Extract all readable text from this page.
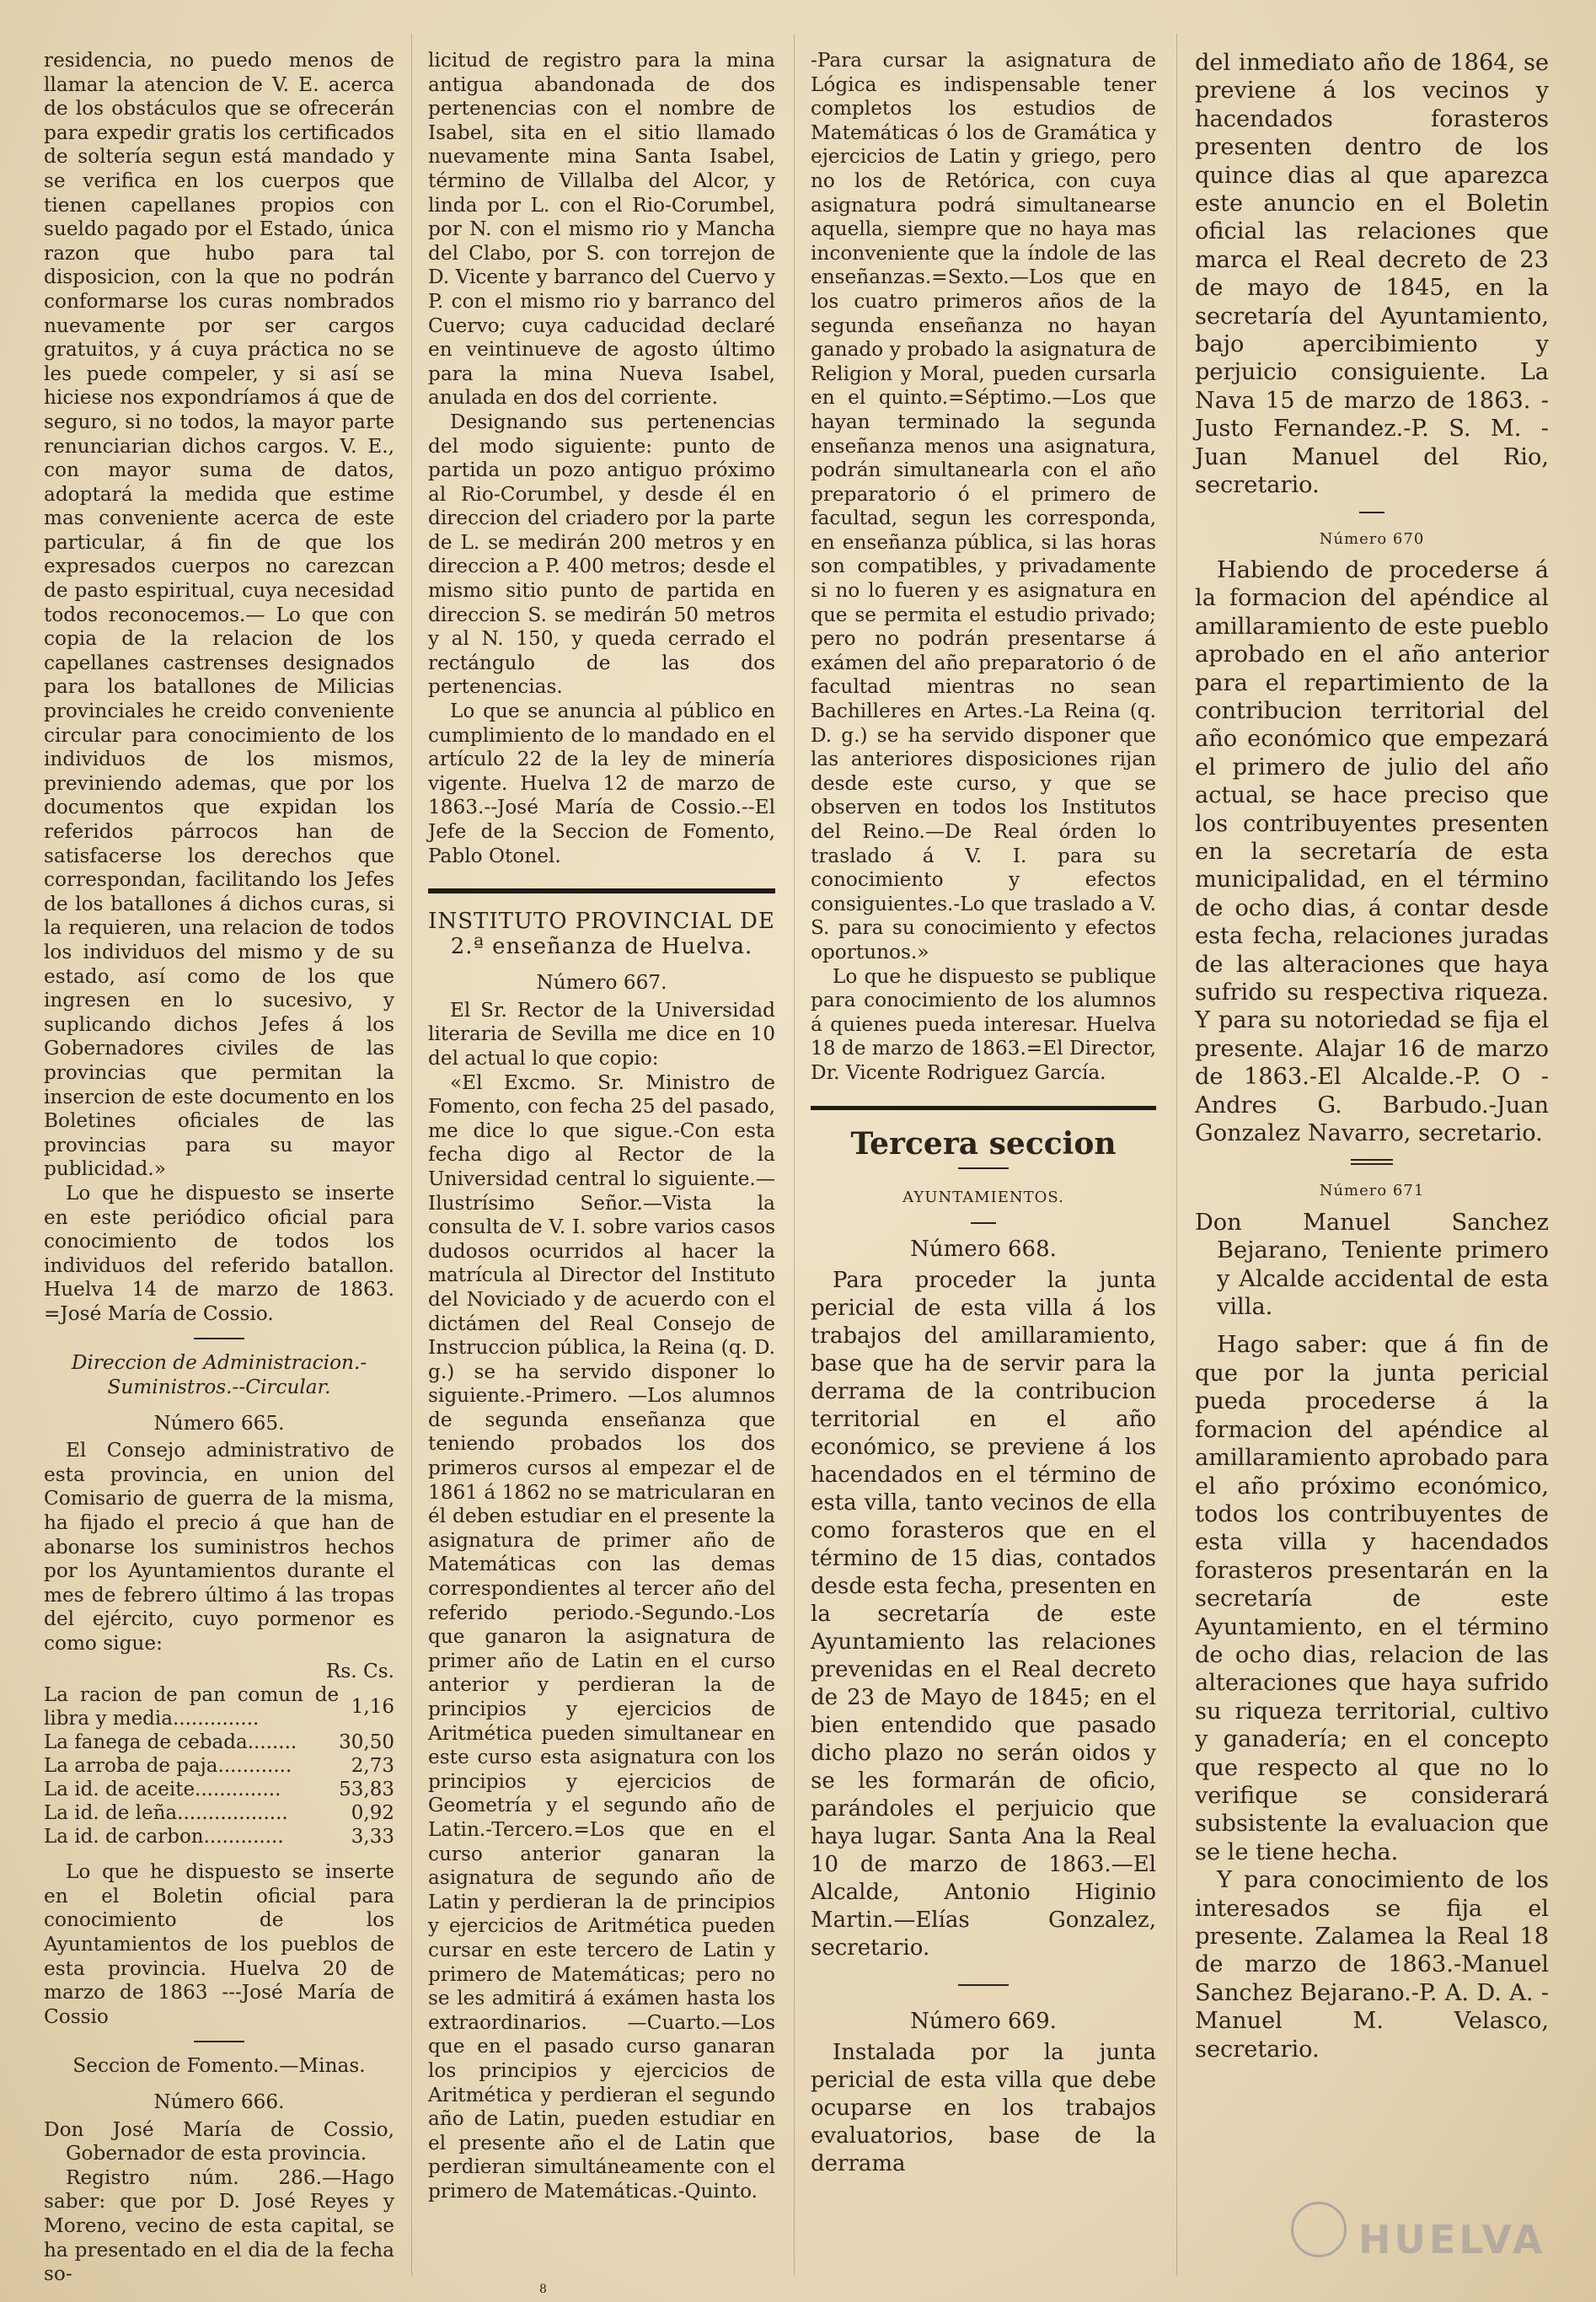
residencia, no puedo menos de llamar la atencion de V. E. acerca de los obstáculos que se ofrecerán para expedir gratis los certificados de soltería segun está mandado y se verifica en los cuerpos que tienen capellanes propios con sueldo pagado por el Estado, única razon que hubo para tal disposicion, con la que no podrán conformarse los curas nombrados nuevamente por ser cargos gratuitos, y á cuya práctica no se les puede compeler, y si así se hiciese nos expondríamos á que de seguro, si no todos, la mayor parte renunciarian dichos cargos. V. E., con mayor suma de datos, adoptará la medida que estime mas conveniente acerca de este particular, á fin de que los expresados cuerpos no carezcan de pasto espiritual, cuya necesidad todos reconocemos.— Lo que con copia de la relacion de los capellanes castrenses designados para los batallones de Milicias provinciales he creido conveniente circular para conocimiento de los individuos de los mismos, previniendo ademas, que por los documentos que expidan los referidos párrocos han de satisfacerse los derechos que correspondan, facilitando los Jefes de los batallones á dichos curas, si la requieren, una relacion de todos los individuos del mismo y de su estado, así como de los que ingresen en lo sucesivo, y suplicando dichos Jefes á los Gobernadores civiles de las provincias que permitan la insercion de este documento en los Boletines oficiales de las provincias para su mayor publicidad.»

Lo que he dispuesto se inserte en este periódico oficial para conocimiento de todos los individuos del referido batallon. Huelva 14 de marzo de 1863. =José María de Cossio.

Direccion de Administracion.-Suministros.--Circular.

Número 665.

El Consejo administrativo de esta provincia, en union del Comisario de guerra de la misma, ha fijado el precio á que han de abonarse los suministros hechos por los Ayuntamientos durante el mes de febrero último á las tropas del ejército, cuyo pormenor es como sigue:

Rs. Cs.

La racion de pan comun de libra y media..............	1,16
La fanega de cebada........	30,50
La arroba de paja............	2,73
La id. de aceite..............	53,83
La id. de leña..................	0,92
La id. de carbon.............	3,33

Lo que he dispuesto se inserte en el Boletin oficial para conocimiento de los Ayuntamientos de los pueblos de esta provincia. Huelva 20 de marzo de 1863 ---José María de Cossio

Seccion de Fomento.—Minas.

Número 666.

Don José María de Cossio, Gobernador de esta provincia.

Registro núm. 286.—Hago saber: que por D. José Reyes y Moreno, vecino de esta capital, se ha presentado en el dia de la fecha so-

licitud de registro para la mina antigua abandonada de dos pertenencias con el nombre de Isabel, sita en el sitio llamado nuevamente mina Santa Isabel, término de Villalba del Alcor, y linda por L. con el Rio-Corumbel, por N. con el mismo rio y Mancha del Clabo, por S. con torrejon de D. Vicente y barranco del Cuervo y P. con el mismo rio y barranco del Cuervo; cuya caducidad declaré en veintinueve de agosto último para la mina Nueva Isabel, anulada en dos del corriente.

Designando sus pertenencias del modo siguiente: punto de partida un pozo antiguo próximo al Rio-Corumbel, y desde él en direccion del criadero por la parte de L. se medirán 200 metros y en direccion a P. 400 metros; desde el mismo sitio punto de partida en direccion S. se medirán 50 metros y al N. 150, y queda cerrado el rectángulo de las dos pertenencias.

Lo que se anuncia al público en cumplimiento de lo mandado en el artículo 22 de la ley de minería vigente. Huelva 12 de marzo de 1863.--José María de Cossio.--El Jefe de la Seccion de Fomento, Pablo Otonel.

INSTITUTO PROVINCIAL DE
2.ª enseñanza de Huelva.

Número 667.

El Sr. Rector de la Universidad literaria de Sevilla me dice en 10 del actual lo que copio:

«El Excmo. Sr. Ministro de Fomento, con fecha 25 del pasado, me dice lo que sigue.-Con esta fecha digo al Rector de la Universidad central lo siguiente.—Ilustrísimo Señor.—Vista la consulta de V. I. sobre varios casos dudosos ocurridos al hacer la matrícula al Director del Instituto del Noviciado y de acuerdo con el dictámen del Real Consejo de Instruccion pública, la Reina (q. D. g.) se ha servido disponer lo siguiente.-Primero. —Los alumnos de segunda enseñanza que teniendo probados los dos primeros cursos al empezar el de 1861 á 1862 no se matricularan en él deben estudiar en el presente la asignatura de primer año de Matemáticas con las demas correspondientes al tercer año del referido periodo.-Segundo.-Los que ganaron la asignatura de primer año de Latin en el curso anterior y perdieran la de principios y ejercicios de Aritmética pueden simultanear en este curso esta asignatura con los principios y ejercicios de Geometría y el segundo año de Latin.-Tercero.=Los que en el curso anterior ganaran la asignatura de segundo año de Latin y perdieran la de principios y ejercicios de Aritmética pueden cursar en este tercero de Latin y primero de Matemáticas; pero no se les admitirá á exámen hasta los extraordinarios. —Cuarto.—Los que en el pasado curso ganaran los principios y ejercicios de Aritmética y perdieran el segundo año de Latin, pueden estudiar en el presente año el de Latin que perdieran simultáneamente con el primero de Matemáticas.-Quinto.

-Para cursar la asignatura de Lógica es indispensable tener completos los estudios de Matemáticas ó los de Gramática y ejercicios de Latin y griego, pero no los de Retórica, con cuya asignatura podrá simultanearse aquella, siempre que no haya mas inconveniente que la índole de las enseñanzas.=Sexto.—Los que en los cuatro primeros años de la segunda enseñanza no hayan ganado y probado la asignatura de Religion y Moral, pueden cursarla en el quinto.=Séptimo.—Los que hayan terminado la segunda enseñanza menos una asignatura, podrán simultanearla con el año preparatorio ó el primero de facultad, segun les corresponda, en enseñanza pública, si las horas son compatibles, y privadamente si no lo fueren y es asignatura en que se permita el estudio privado; pero no podrán presentarse á exámen del año preparatorio ó de facultad mientras no sean Bachilleres en Artes.-La Reina (q. D. g.) se ha servido disponer que las anteriores disposiciones rijan desde este curso, y que se observen en todos los Institutos del Reino.—De Real órden lo traslado á V. I. para su conocimiento y efectos consiguientes.-Lo que traslado a V. S. para su conocimiento y efectos oportunos.»

Lo que he dispuesto se publique para conocimiento de los alumnos á quienes pueda interesar. Huelva 18 de marzo de 1863.=El Director, Dr. Vicente Rodriguez García.

Tercera seccion

AYUNTAMIENTOS.

Número 668.

Para proceder la junta pericial de esta villa á los trabajos del amillaramiento, base que ha de servir para la derrama de la contribucion territorial en el año económico, se previene á los hacendados en el término de esta villa, tanto vecinos de ella como forasteros que en el término de 15 dias, contados desde esta fecha, presenten en la secretaría de este Ayuntamiento las relaciones prevenidas en el Real decreto de 23 de Mayo de 1845; en el bien entendido que pasado dicho plazo no serán oidos y se les formarán de oficio, parándoles el perjuicio que haya lugar. Santa Ana la Real 10 de marzo de 1863.—El Alcalde, Antonio Higinio Martin.—Elías Gonzalez, secretario.

Número 669.

Instalada por la junta pericial de esta villa que debe ocuparse en los trabajos evaluatorios, base de la derrama

del inmediato año de 1864, se previene á los vecinos y hacendados forasteros presenten dentro de los quince dias al que aparezca este anuncio en el Boletin oficial las relaciones que marca el Real decreto de 23 de mayo de 1845, en la secretaría del Ayuntamiento, bajo apercibimiento y perjuicio consiguiente. La Nava 15 de marzo de 1863. -Justo Fernandez.-P. S. M. -Juan Manuel del Rio, secretario.

Número 670

Habiendo de procederse á la formacion del apéndice al amillaramiento de este pueblo aprobado en el año anterior para el repartimiento de la contribucion territorial del año económico que empezará el primero de julio del año actual, se hace preciso que los contribuyentes presenten en la secretaría de esta municipalidad, en el término de ocho dias, á contar desde esta fecha, relaciones juradas de las alteraciones que haya sufrido su respectiva riqueza. Y para su notoriedad se fija el presente. Alajar 16 de marzo de 1863.-El Alcalde.-P. O -Andres G. Barbudo.-Juan Gonzalez Navarro, secretario.

Número 671

Don Manuel Sanchez Bejarano, Teniente primero y Alcalde accidental de esta villa.

Hago saber: que á fin de que por la junta pericial pueda procederse á la formacion del apéndice al amillaramiento aprobado para el año próximo económico, todos los contribuyentes de esta villa y hacendados forasteros presentarán en la secretaría de este Ayuntamiento, en el término de ocho dias, relacion de las alteraciones que haya sufrido su riqueza territorial, cultivo y ganadería; en el concepto que respecto al que no lo verifique se considerará subsistente la evaluacion que se le tiene hecha.

Y para conocimiento de los interesados se fija el presente. Zalamea la Real 18 de marzo de 1863.-Manuel Sanchez Bejarano.-P. A. D. A. -Manuel M. Velasco, secretario.

HUELVA
8
